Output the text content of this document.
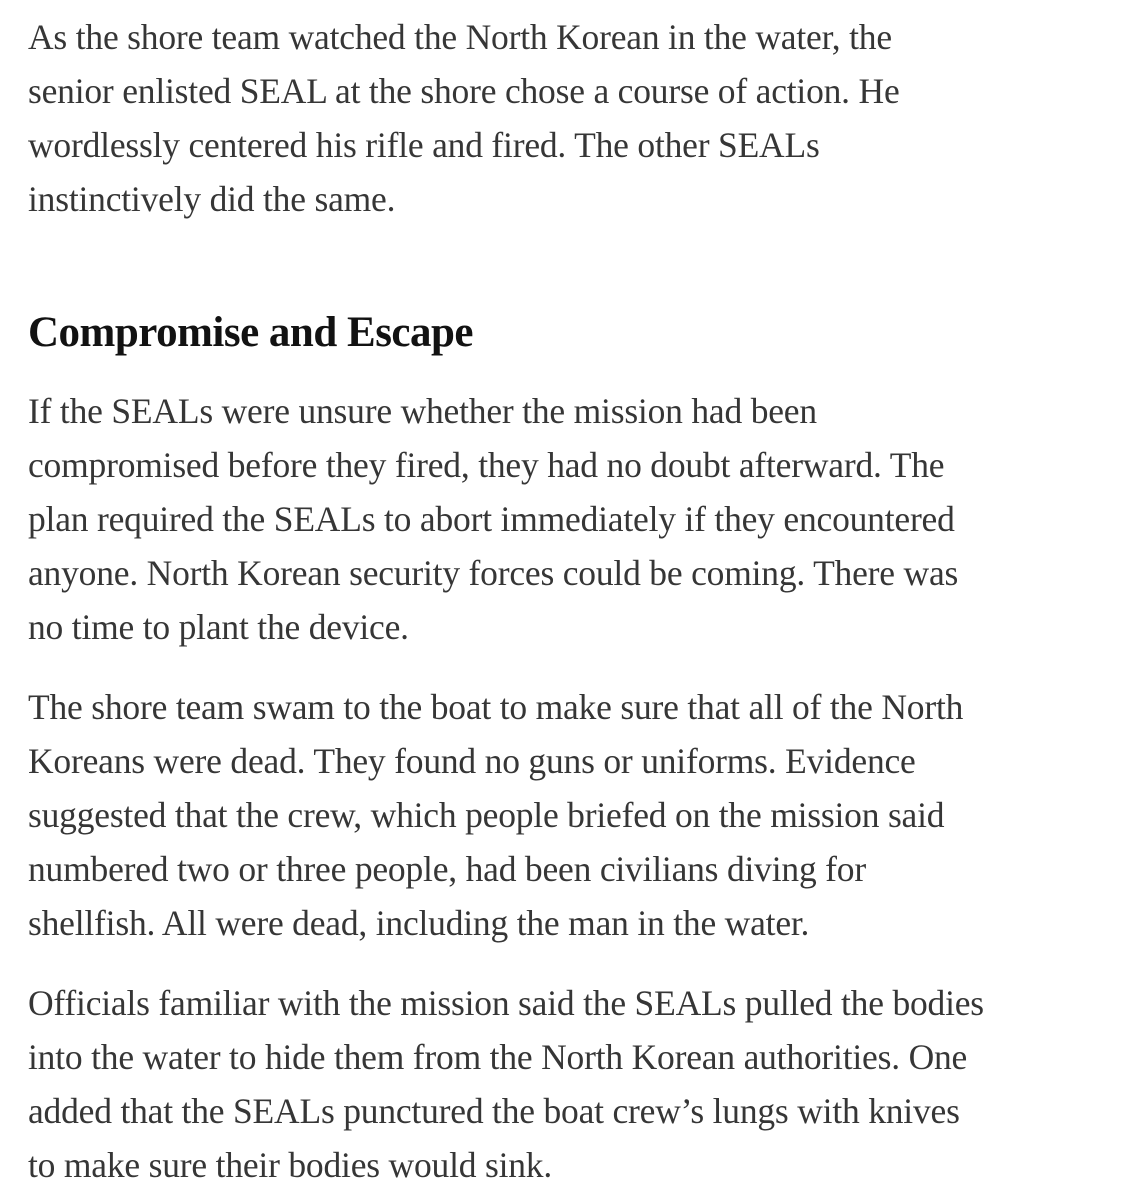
As the shore team watched the North Korean in the water, the
senior enlisted SEAL at the shore chose a course of action. He
wordlessly centered his rifle and fired. The other SEALs
instinctively did the same.

Compromise and Escape

If the SEALs were unsure whether the mission had been
compromised before they fired, they had no doubt afterward. The
plan required the SEALs to abort immediately if they encountered
anyone. North Korean security forces could be coming. There was
no time to plant the device.

The shore team swam to the boat to make sure that all of the North
Koreans were dead. They found no guns or uniforms. Evidence
suggested that the crew, which people briefed on the mission said
numbered two or three people, had been civilians diving for
shellfish. All were dead, including the man in the water.

Officials familiar with the mission said the SEALs pulled the bodies
into the water to hide them from the North Korean authorities. One
added that the SEALs punctured the boat crew’s lungs with knives
to make sure their bodies would sink.
